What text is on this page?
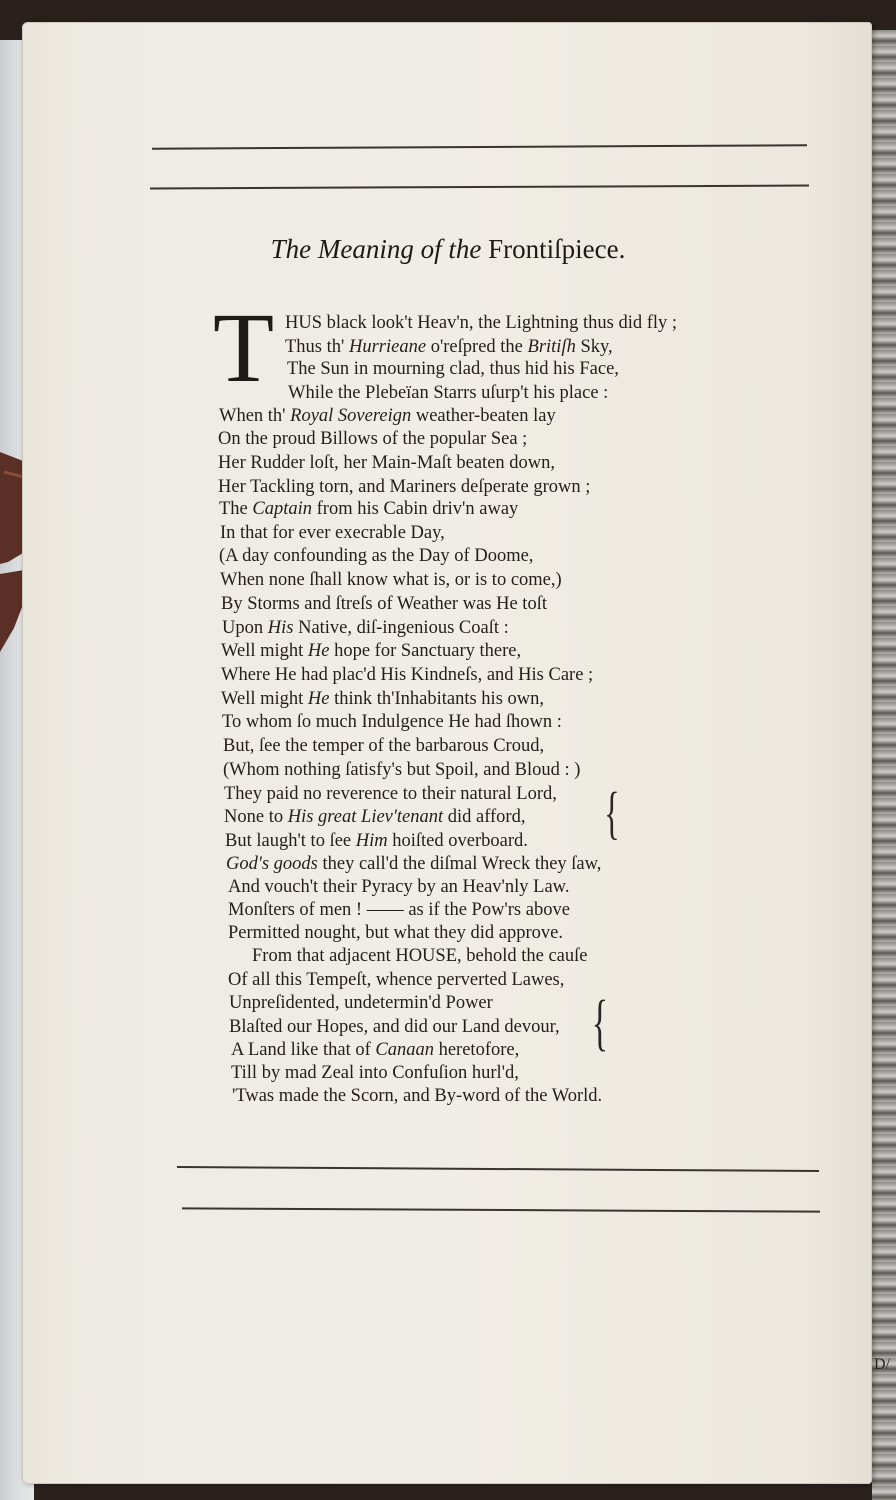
D/
The Meaning of the Frontiſpiece.
T HUS black look't Heav'n, the Lightning thus did fly ;
Thus th' Hurrieane o'reſpred the Britiſh Sky,
The Sun in mourning clad, thus hid his Face,
While the Plebeïan Starrs uſurp't his place :
When th' Royal Sovereign weather-beaten lay
On the proud Billows of the popular Sea ;
Her Rudder loſt, her Main-Maſt beaten down,
Her Tackling torn, and Mariners deſperate grown ;
The Captain from his Cabin driv'n away
In that for ever execrable Day,
(A day confounding as the Day of Doome,
When none ſhall know what is, or is to come,)
By Storms and ſtreſs of Weather was He toſt
Upon His Native, diſ-ingenious Coaſt :
Well might He hope for Sanctuary there,
Where He had plac'd His Kindneſs, and His Care ;
Well might He think th'Inhabitants his own,
To whom ſo much Indulgence He had ſhown :
But, ſee the temper of the barbarous Croud,
(Whom nothing ſatisfy's but Spoil, and Bloud : )
They paid no reverence to their natural Lord,
None to His great Liev'tenant did afford,
But laugh't to ſee Him hoiſted overboard.
God's goods they call'd the diſmal Wreck they ſaw,
And vouch't their Pyracy by an Heav'nly Law.
Monſters of men ! —— as if the Pow'rs above
Permitted nought, but what they did approve.
From that adjacent HOUSE, behold the cauſe
Of all this Tempeſt, whence perverted Lawes,
Unpreſidented, undetermin'd Power
Blaſted our Hopes, and did our Land devour,
A Land like that of Canaan heretofore,
Till by mad Zeal into Confuſion hurl'd,
'Twas made the Scorn, and By-word of the World.
{
{
